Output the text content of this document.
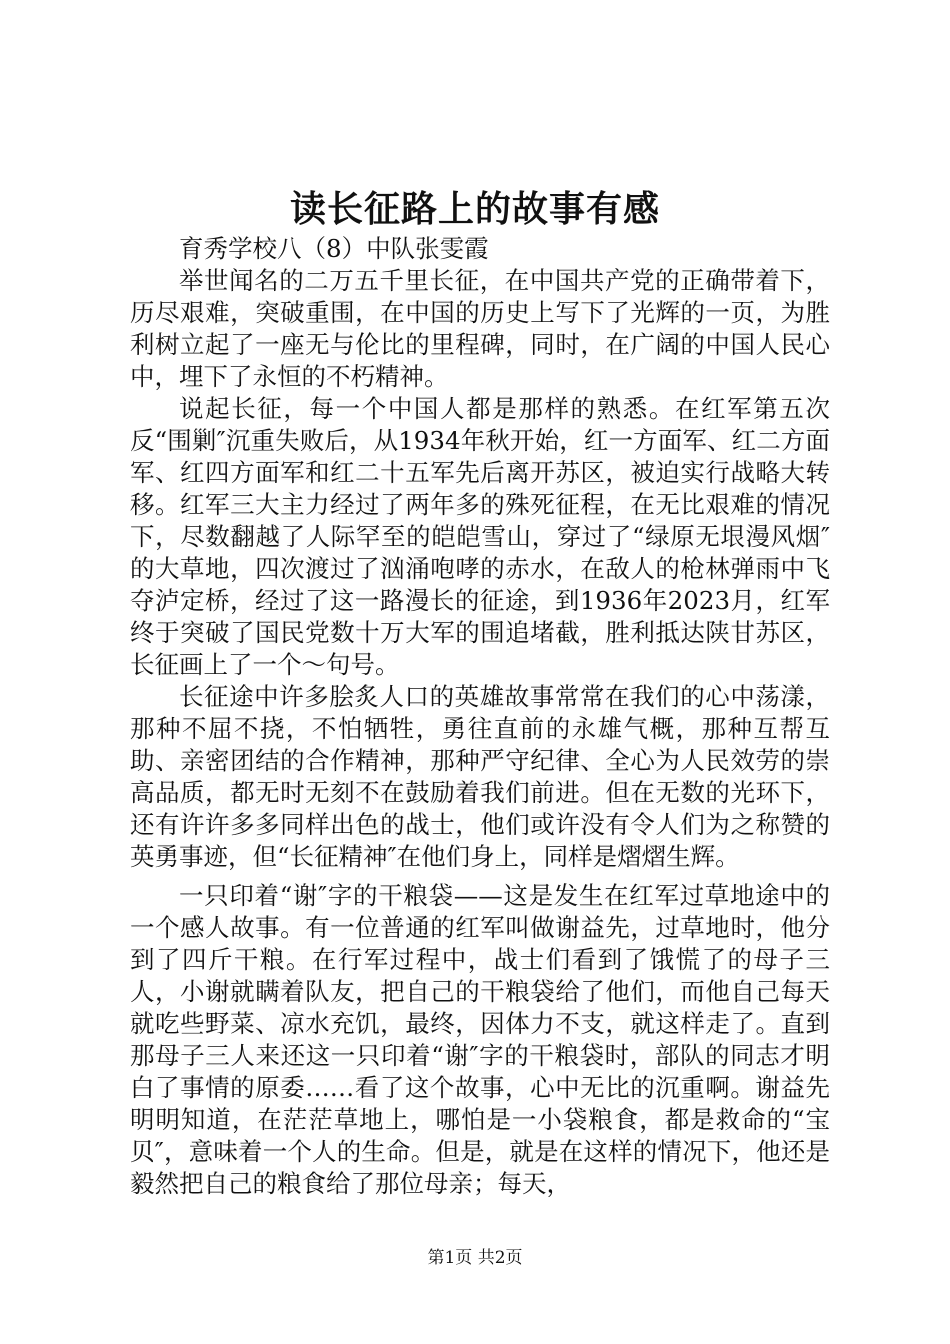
读长征路上的故事有感

育秀学校八（8）中队张雯霞

举世闻名的二万五千里长征，在中国共产党的正确带着下，历尽艰难，突破重围，在中国的历史上写下了光辉的一页，为胜利树立起了一座无与伦比的里程碑，同时，在广阔的中国人民心中，埋下了永恒的不朽精神。

说起长征，每一个中国人都是那样的熟悉。在红军第五次反“围剿″沉重失败后，从1934年秋开始，红一方面军、红二方面军、红四方面军和红二十五军先后离开苏区，被迫实行战略大转移。红军三大主力经过了两年多的殊死征程，在无比艰难的情况下，尽数翻越了人际罕至的皑皑雪山，穿过了“绿原无垠漫风烟″的大草地，四次渡过了汹涌咆哮的赤水，在敌人的枪林弹雨中飞夺泸定桥，经过了这一路漫长的征途，到1936年2023月，红军终于突破了国民党数十万大军的围追堵截，胜利抵达陕甘苏区，长征画上了一个～句号。

长征途中许多脍炙人口的英雄故事常常在我们的心中荡漾，那种不屈不挠，不怕牺牲，勇往直前的永雄气概，那种互帮互助、亲密团结的合作精神，那种严守纪律、全心为人民效劳的崇高品质，都无时无刻不在鼓励着我们前进。但在无数的光环下，还有许许多多同样出色的战士，他们或许没有令人们为之称赞的英勇事迹，但“长征精神″在他们身上，同样是熠熠生辉。

一只印着“谢″字的干粮袋——这是发生在红军过草地途中的一个感人故事。有一位普通的红军叫做谢益先，过草地时，他分到了四斤干粮。在行军过程中，战士们看到了饿慌了的母子三人，小谢就瞒着队友，把自己的干粮袋给了他们，而他自己每天就吃些野菜、凉水充饥，最终，因体力不支，就这样走了。直到那母子三人来还这一只印着“谢″字的干粮袋时，部队的同志才明白了事情的原委……看了这个故事，心中无比的沉重啊。谢益先明明知道，在茫茫草地上，哪怕是一小袋粮食，都是救命的“宝贝″，意味着一个人的生命。但是，就是在这样的情况下，他还是毅然把自己的粮食给了那位母亲；每天，

第1页 共2页
